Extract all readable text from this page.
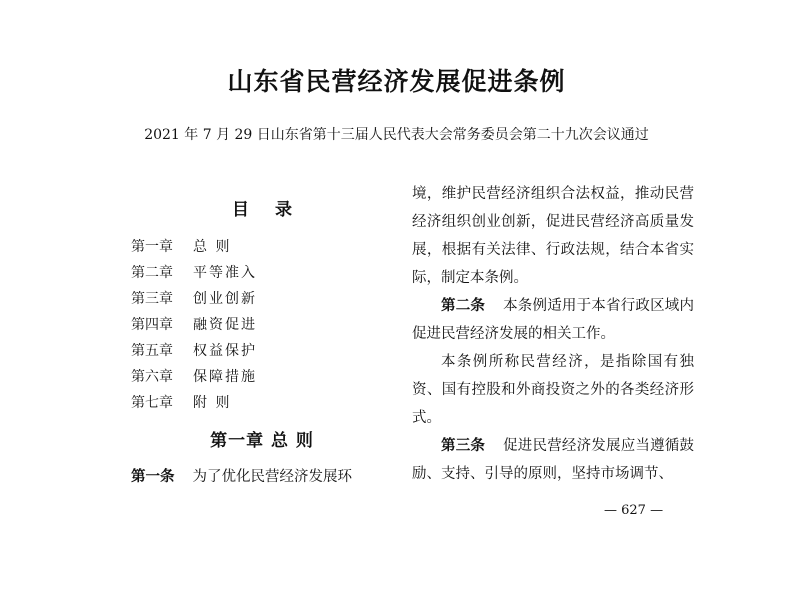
山东省民营经济发展促进条例

2021 年 7 月 29 日山东省第十三届人民代表大会常务委员会第二十九次会议通过

目 录
第一章 总 则
第二章 平等准入
第三章 创业创新
第四章 融资促进
第五章 权益保护
第六章 保障措施
第七章 附 则
第一章 总 则

第一条 为了优化民营经济发展环

境，维护民营经济组织合法权益，推动民营经济组织创业创新，促进民营经济高质量发展，根据有关法律、行政法规，结合本省实际，制定本条例。

第二条 本条例适用于本省行政区域内促进民营经济发展的相关工作。

本条例所称民营经济，是指除国有独资、国有控股和外商投资之外的各类经济形式。

第三条 促进民营经济发展应当遵循鼓励、支持、引导的原则，坚持市场调节、

— 627 —
